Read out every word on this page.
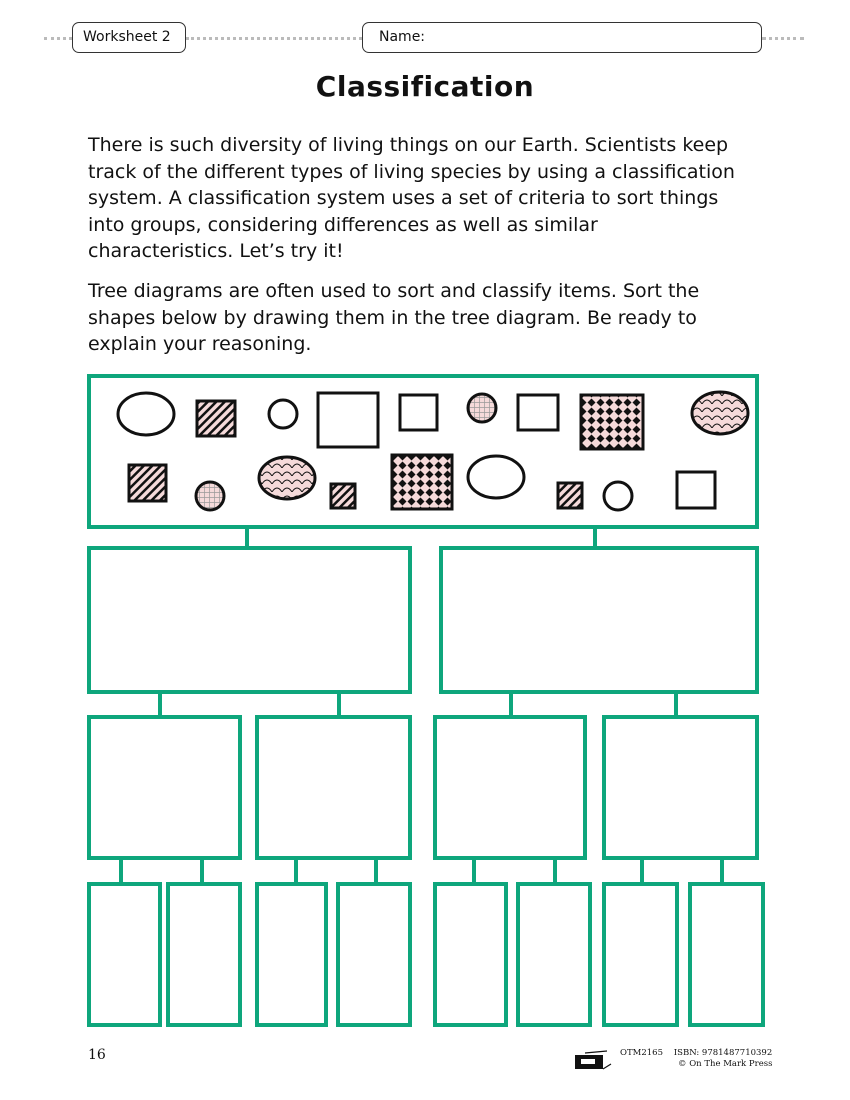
Worksheet 2	Name:
Classification

There is such diversity of living things on our Earth. Scientists keep track of the different types of living species by using a classification system. A classification system uses a set of criteria to sort things into groups, considering differences as well as similar characteristics. Let’s try it!

Tree diagrams are often used to sort and classify items. Sort the shapes below by drawing them in the tree diagram. Be ready to explain your reasoning.

16	OTM2165 ISBN: 9781487710392
© On The Mark Press
